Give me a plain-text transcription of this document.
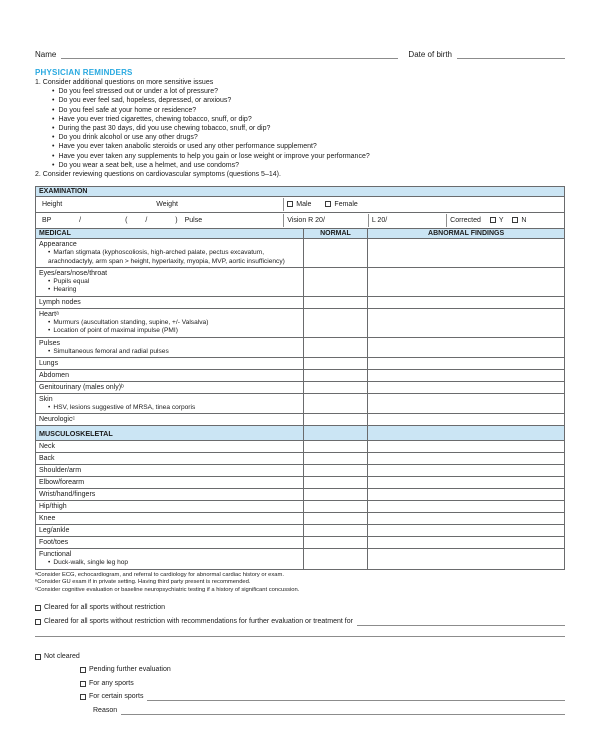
Name	Date of birth
PHYSICIAN REMINDERS
1. Consider additional questions on more sensitive issues
• Do you feel stressed out or under a lot of pressure?
• Do you ever feel sad, hopeless, depressed, or anxious?
• Do you feel safe at your home or residence?
• Have you ever tried cigarettes, chewing tobacco, snuff, or dip?
• During the past 30 days, did you use chewing tobacco, snuff, or dip?
• Do you drink alcohol or use any other drugs?
• Have you ever taken anabolic steroids or used any other performance supplement?
• Have you ever taken any supplements to help you gain or lose weight or improve your performance?
• Do you wear a seat belt, use a helmet, and use condoms?
2. Consider reviewing questions on cardiovascular symptoms (questions 5–14).
EXAMINATION		

Height Weight Male Female		

BP / ( / ) Pulse Vision R 20/ L 20/ Corrected Y N		

MEDICAL	NORMAL	ABNORMAL FINDINGS

Appearance
• Marfan stigmata (kyphoscoliosis, high-arched palate, pectus excavatum, arachnodactyly, arm span > height, hyperlaxity, myopia, MVP, aortic insufficiency)

Eyes/ears/nose/throat
• Pupils equal
• Hearing

Lymph nodes		

Heartᵃ
• Murmurs (auscultation standing, supine, +/- Valsalva)
• Location of point of maximal impulse (PMI)

Pulses
• Simultaneous femoral and radial pulses

Lungs		

Abdomen		

Genitourinary (males only)ᵇ		

Skin
• HSV, lesions suggestive of MRSA, tinea corporis

Neurologicᶜ		

MUSCULOSKELETAL		

Neck		

Back		

Shoulder/arm		

Elbow/forearm		

Wrist/hand/fingers		

Hip/thigh		

Knee		

Leg/ankle		

Foot/toes		

Functional
• Duck-walk, single leg hop

ᵃConsider ECG, echocardiogram, and referral to cardiology for abnormal cardiac history or exam.
ᵇConsider GU exam if in private setting. Having third party present is recommended.
ᶜConsider cognitive evaluation or baseline neuropsychiatric testing if a history of significant concussion.
Cleared for all sports without restriction
Cleared for all sports without restriction with recommendations for further evaluation or treatment for
Not cleared
Pending further evaluation
For any sports
For certain sports
Reason
